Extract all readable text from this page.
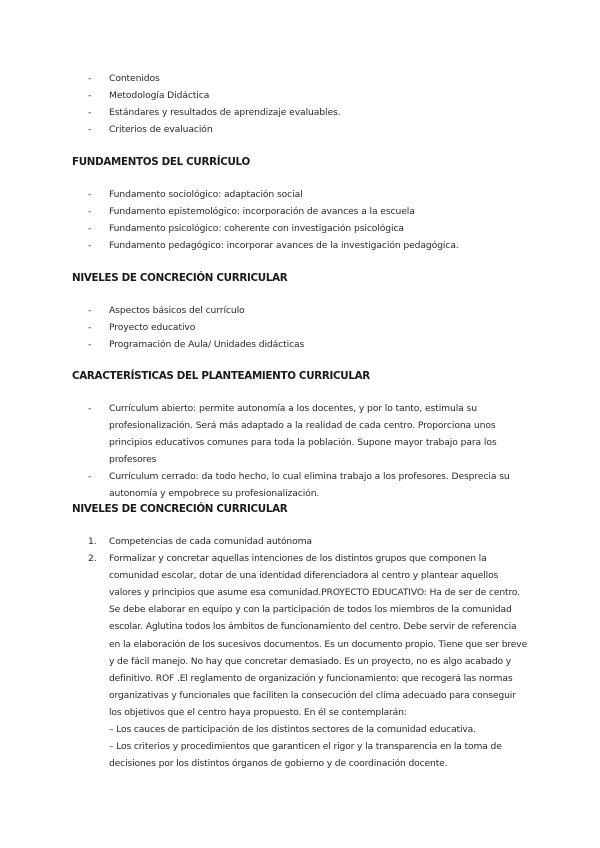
- Contenidos
- Metodología Didáctica
- Estándares y resultados de aprendizaje evaluables.
- Criterios de evaluación
FUNDAMENTOS DEL CURRÍCULO
- Fundamento sociológico: adaptación social
- Fundamento epistemológico: incorporación de avances a la escuela
- Fundamento psicológico: coherente con investigación psicológica
- Fundamento pedagógico: incorporar avances de la investigación pedagógica.
NIVELES DE CONCRECIÓN CURRICULAR
- Aspectos básicos del currículo
- Proyecto educativo
- Programación de Aula/ Unidades didácticas
CARACTERÍSTICAS DEL PLANTEAMIENTO CURRICULAR
- Currículum abierto: permite autonomía a los docentes, y por lo tanto, estimula su profesionalización. Será más adaptado a la realidad de cada centro. Proporciona unos principios educativos comunes para toda la población. Supone mayor trabajo para los profesores
- Currículum cerrado: da todo hecho, lo cual elimina trabajo a los profesores. Desprecia su autonomía y empobrece su profesionalización.
NIVELES DE CONCRECIÓN CURRICULAR
1. Competencias de cada comunidad autónoma
2. Formalizar y concretar aquellas intenciones de los distintos grupos que componen la comunidad escolar, dotar de una identidad diferenciadora al centro y plantear aquellos valores y principios que asume esa comunidad.PROYECTO EDUCATIVO: Ha de ser de centro. Se debe elaborar en equipo y con la participación de todos los miembros de la comunidad escolar. Aglutina todos los ámbitos de funcionamiento del centro. Debe servir de referencia en la elaboración de los sucesivos documentos. Es un documento propio. Tiene que ser breve y de fácil manejo. No hay que concretar demasiado. Es un proyecto, no es algo acabado y definitivo. ROF .El reglamento de organización y funcionamiento: que recogerá las normas organizativas y funcionales que faciliten la consecución del clima adecuado para conseguir los objetivos que el centro haya propuesto. En él se contemplarán:
– Los cauces de participación de los distintos sectores de la comunidad educativa.
– Los criterios y procedimientos que garanticen el rigor y la transparencia en la toma de decisiones por los distintos órganos de gobierno y de coordinación docente.
